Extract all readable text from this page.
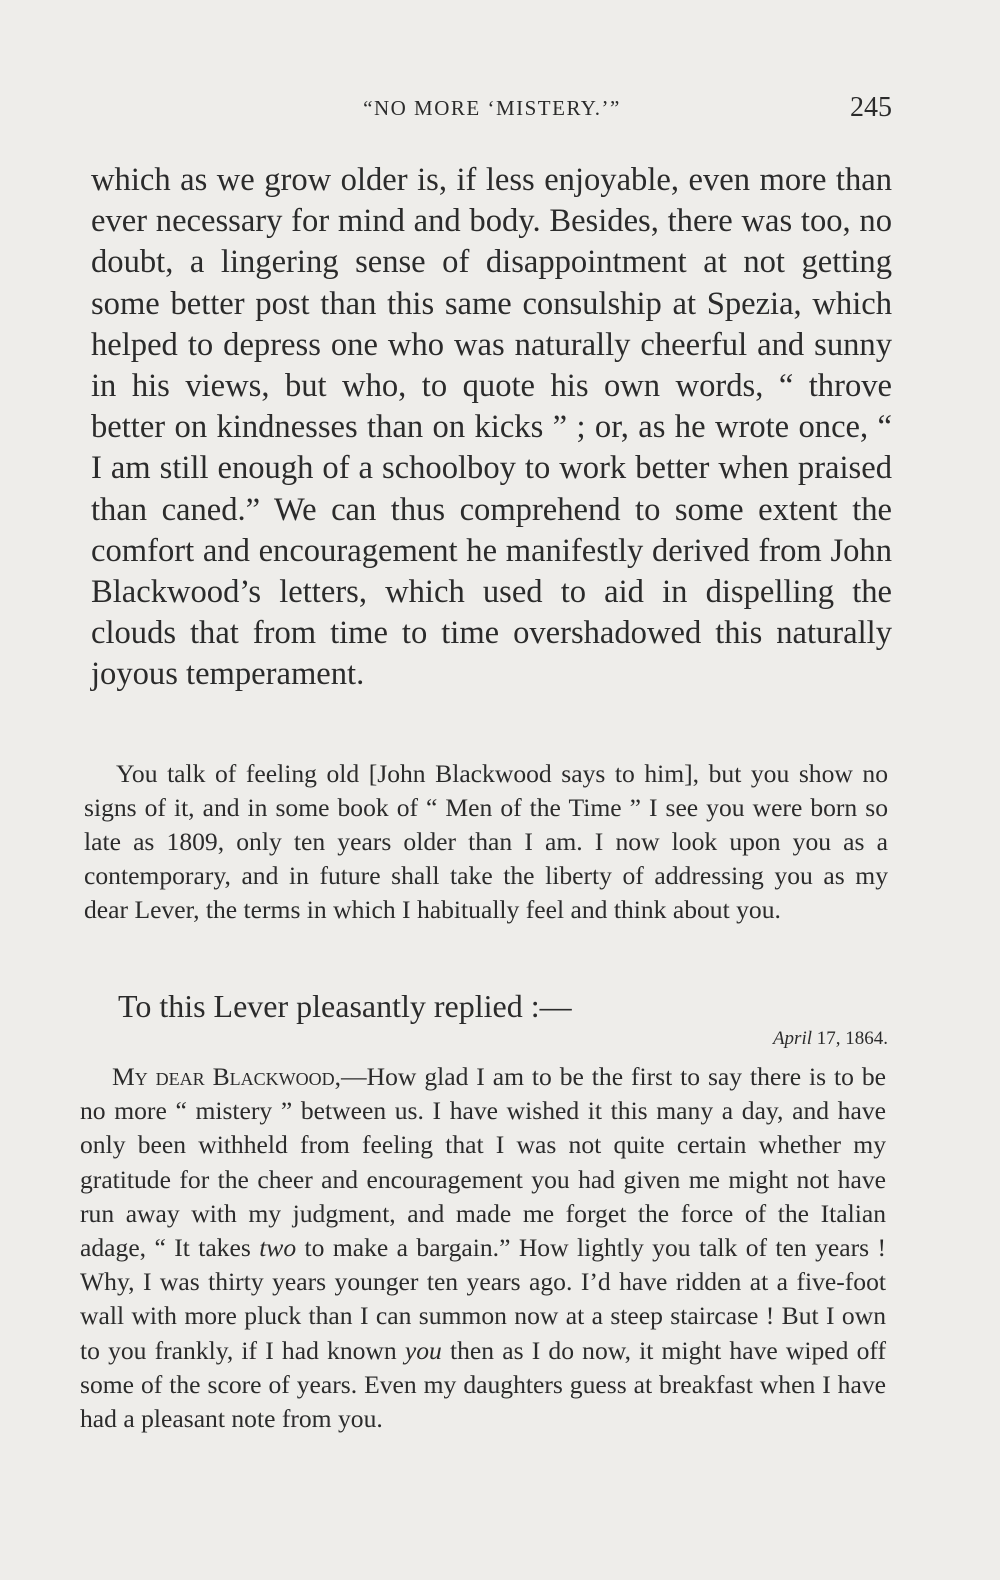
“NO MORE ‘MISTERY.’”	245

which as we grow older is, if less enjoyable, even more than ever necessary for mind and body. Besides, there was too, no doubt, a lingering sense of disappointment at not getting some better post than this same consulship at Spezia, which helped to depress one who was naturally cheerful and sunny in his views, but who, to quote his own words, “ throve better on kindnesses than on kicks ” ; or, as he wrote once, “ I am still enough of a schoolboy to work better when praised than caned.” We can thus comprehend to some extent the comfort and encouragement he manifestly derived from John Blackwood’s letters, which used to aid in dispelling the clouds that from time to time overshadowed this naturally joyous temperament.

You talk of feeling old [John Blackwood says to him], but you show no signs of it, and in some book of “ Men of the Time ” I see you were born so late as 1809, only ten years older than I am. I now look upon you as a contemporary, and in future shall take the liberty of addressing you as my dear Lever, the terms in which I habitually feel and think about you.

To this Lever pleasantly replied :—

April 17, 1864.

My dear Blackwood,—How glad I am to be the first to say there is to be no more “ mistery ” between us. I have wished it this many a day, and have only been withheld from feeling that I was not quite certain whether my gratitude for the cheer and encouragement you had given me might not have run away with my judgment, and made me forget the force of the Italian adage, “ It takes two to make a bargain.” How lightly you talk of ten years ! Why, I was thirty years younger ten years ago. I’d have ridden at a five-foot wall with more pluck than I can summon now at a steep staircase ! But I own to you frankly, if I had known you then as I do now, it might have wiped off some of the score of years. Even my daughters guess at breakfast when I have had a pleasant note from you.
